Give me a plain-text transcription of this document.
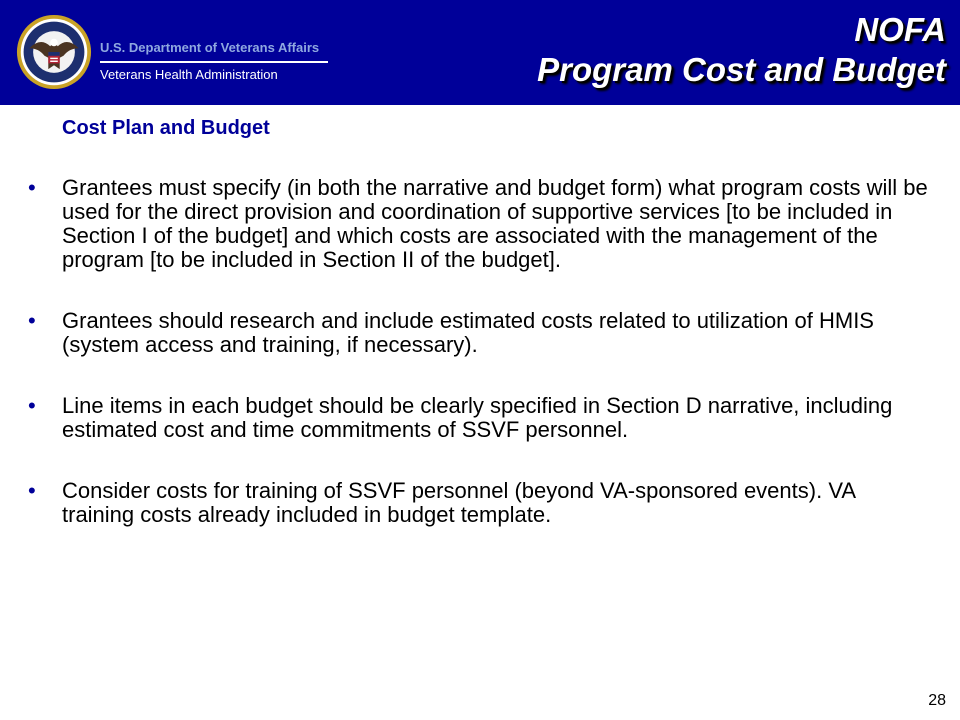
U.S. Department of Veterans Affairs
Veterans Health Administration
NOFA
Program Cost and Budget
Cost Plan and Budget
• Grantees must specify (in both the narrative and budget form) what program costs will be used for the direct provision and coordination of supportive services [to be included in Section I of the budget] and which costs are associated with the management of the program [to be included in Section II of the budget].
• Grantees should research and include estimated costs related to utilization of HMIS (system access and training, if necessary).
• Line items in each budget should be clearly specified in Section D narrative, including estimated cost and time commitments of SSVF personnel.
• Consider costs for training of SSVF personnel (beyond VA-sponsored events). VA training costs already included in budget template.
28
